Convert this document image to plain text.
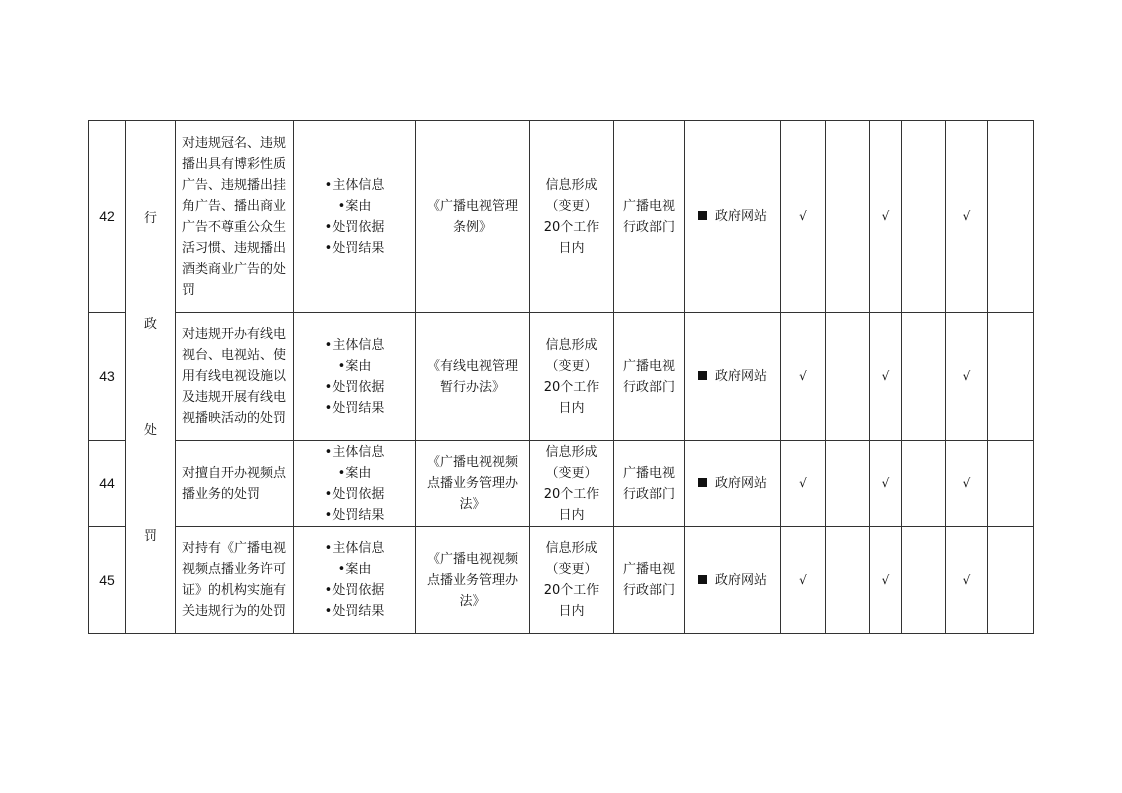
42	行
政
处
罚	对违规冠名、违规播出具有博彩性质广告、违规播出挂角广告、播出商业广告不尊重公众生活习惯、违规播出酒类商业广告的处罚	•主体信息
•案由
•处罚依据
•处罚结果	《广播电视管理条例》	信息形成（变更）20个工作日内	广播电视行政部门	政府网站	√		√		√	
43		对违规开办有线电视台、电视站、使用有线电视设施以及违规开展有线电视播映活动的处罚	•主体信息
•案由
•处罚依据
•处罚结果	《有线电视管理暂行办法》	信息形成（变更）20个工作日内	广播电视行政部门	政府网站	√		√		√	
44		对擅自开办视频点播业务的处罚	•主体信息
•案由
•处罚依据
•处罚结果	《广播电视视频点播业务管理办法》	信息形成（变更）20个工作日内	广播电视行政部门	政府网站	√		√		√	
45		对持有《广播电视视频点播业务许可证》的机构实施有关违规行为的处罚	•主体信息
•案由
•处罚依据
•处罚结果	《广播电视视频点播业务管理办法》	信息形成（变更）20个工作日内	广播电视行政部门	政府网站	√		√		√	
